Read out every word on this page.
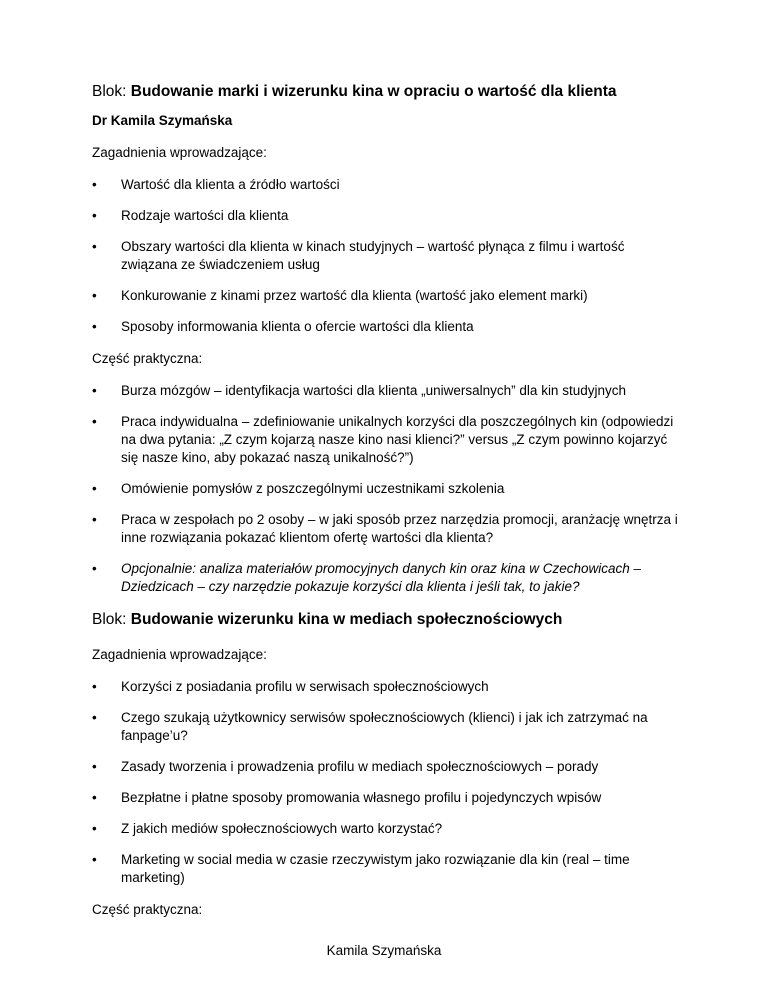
Blok: Budowanie marki i wizerunku kina w opraciu o wartość dla klienta
Dr Kamila Szymańska
Zagadnienia wprowadzające:
•	Wartość dla klienta a źródło wartości
•	Rodzaje wartości dla klienta
•	Obszary wartości dla klienta w kinach studyjnych – wartość płynąca z filmu i wartość związana ze świadczeniem usług
•	Konkurowanie z kinami przez wartość dla klienta (wartość jako element marki)
•	Sposoby informowania klienta o ofercie wartości dla klienta
Część praktyczna:
•	Burza mózgów – identyfikacja wartości dla klienta „uniwersalnych” dla kin studyjnych
•	Praca indywidualna – zdefiniowanie unikalnych korzyści dla poszczególnych kin (odpowiedzi na dwa pytania: „Z czym kojarzą nasze kino nasi klienci?” versus „Z czym powinno kojarzyć się nasze kino, aby pokazać naszą unikalność?”)
•	Omówienie pomysłów z poszczególnymi uczestnikami szkolenia
•	Praca w zespołach po 2 osoby – w jaki sposób przez narzędzia promocji, aranżację wnętrza i inne rozwiązania pokazać klientom ofertę wartości dla klienta?
•	Opcjonalnie: analiza materiałów promocyjnych danych kin oraz kina w Czechowicach – Dziedzicach – czy narzędzie pokazuje korzyści dla klienta i jeśli tak, to jakie?
Blok: Budowanie wizerunku kina w mediach społecznościowych
Zagadnienia wprowadzające:
•	Korzyści z posiadania profilu w serwisach społecznościowych
•	Czego szukają użytkownicy serwisów społecznościowych (klienci) i jak ich zatrzymać na fanpage’u?
•	Zasady tworzenia i prowadzenia profilu w mediach społecznościowych – porady
•	Bezpłatne i płatne sposoby promowania własnego profilu i pojedynczych wpisów
•	Z jakich mediów społecznościowych warto korzystać?
•	Marketing w social media w czasie rzeczywistym jako rozwiązanie dla kin (real – time marketing)
Część praktyczna:
Kamila Szymańska
